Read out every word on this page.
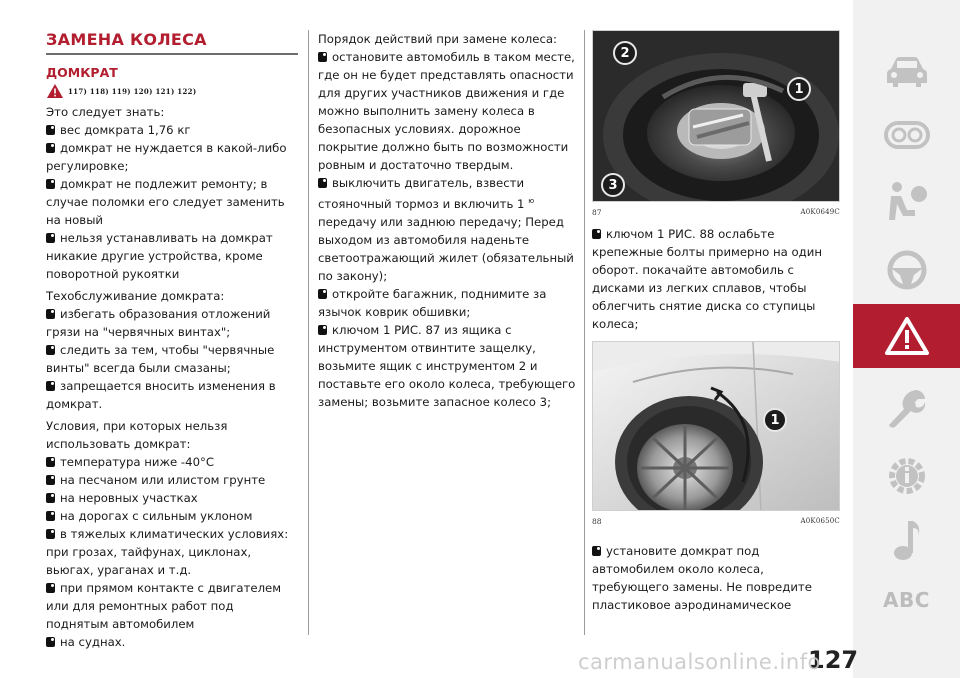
ЗАМЕНА КОЛЕСА
ДОМКРАТ
117) 118) 119) 120) 121) 122)
Это следует знать:
вес домкрата 1,76 кг
домкрат не нуждается в какой-либо регулировке;
домкрат не подлежит ремонту; в случае поломки его следует заменить на новый
нельзя устанавливать на домкрат никакие другие устройства, кроме поворотной рукоятки
Техобслуживание домкрата:
избегать образования отложений грязи на "червячных винтах";
следить за тем, чтобы "червячные винты" всегда были смазаны;
запрещается вносить изменения в домкрат.
Условия, при которых нельзя использовать домкрат:
температура ниже -40°C
на песчаном или илистом грунте
на неровных участках
на дорогах с сильным уклоном
в тяжелых климатических условиях: при грозах, тайфунах, циклонах, вьюгах, ураганах и т.д.
при прямом контакте с двигателем или для ремонтных работ под поднятым автомобилем
на суднах.
Порядок действий при замене колеса:
остановите автомобиль в таком месте, где он не будет представлять опасности для других участников движения и где можно выполнить замену колеса в безопасных условиях. дорожное покрытие должно быть по возможности ровным и достаточно твердым.
выключить двигатель, взвести стояночный тормоз и включить 1 $^ю$ передачу или заднюю передачу; Перед выходом из автомобиля наденьте светоотражающий жилет (обязательный по закону);
откройте багажник, поднимите за язычок коврик обшивки;
ключом 1 РИС. 87 из ящика с инструментом отвинтите защелку, возьмите ящик с инструментом 2 и поставьте его около колеса, требующего замены; возьмите запасное колесо 3;
2
1
3
87	A0K0649C
ключом 1 РИС. 88 ослабьте крепежные болты примерно на один оборот. покачайте автомобиль с дисками из легких сплавов, чтобы облегчить снятие диска со ступицы колеса;
1
88	A0K0650C
установите домкрат под автомобилем около колеса, требующего замены. Не повредите пластиковое аэродинамическое	ABC
127
carmanualsonline.info
